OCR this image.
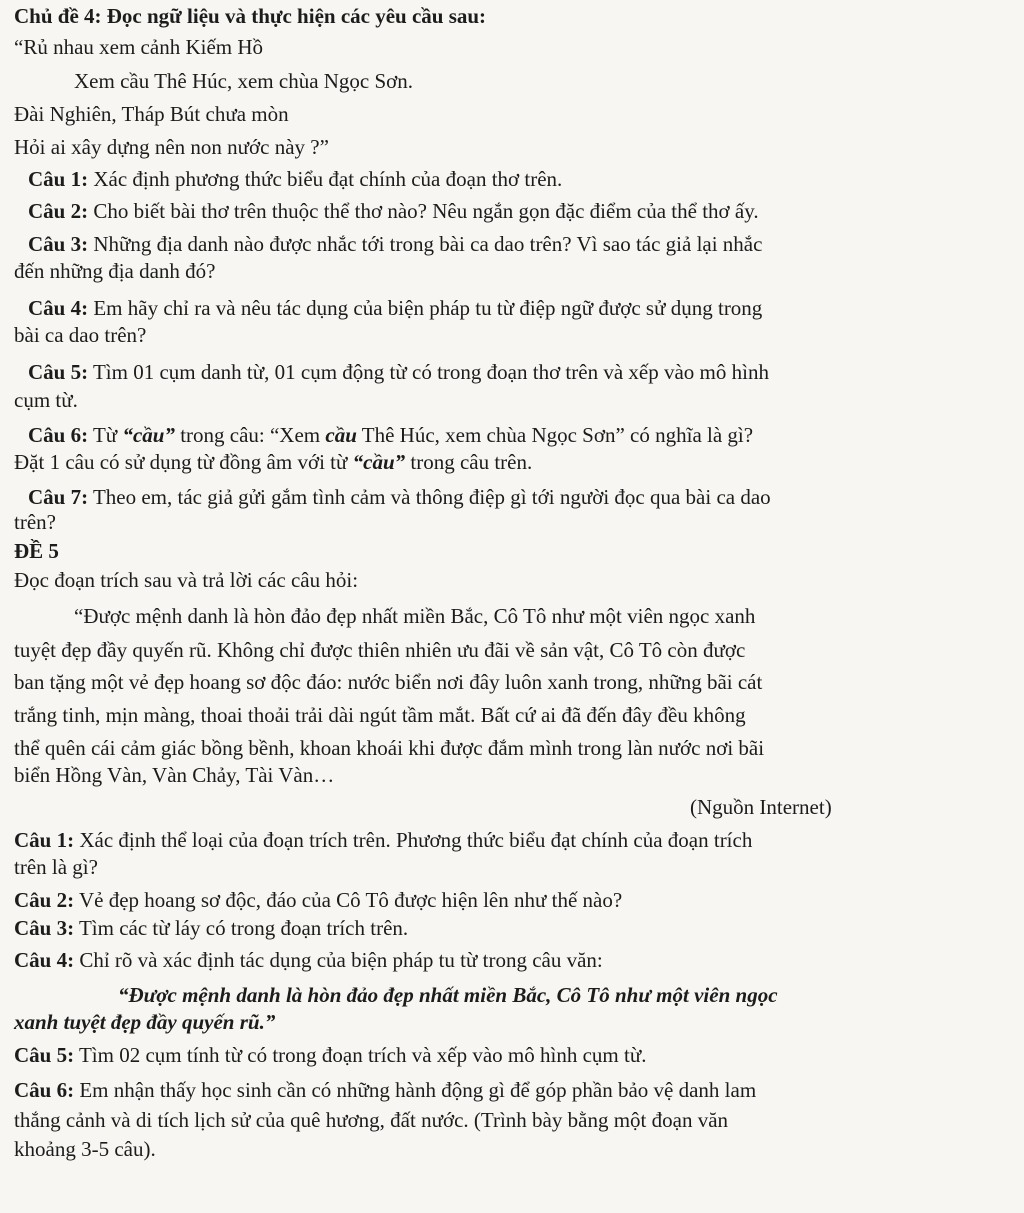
Chủ đề 4: Đọc ngữ liệu và thực hiện các yêu cầu sau:
“Rủ nhau xem cảnh Kiếm Hồ
Xem cầu Thê Húc, xem chùa Ngọc Sơn.
Đài Nghiên, Tháp Bút chưa mòn
Hỏi ai xây dựng nên non nước này ?”
Câu 1: Xác định phương thức biểu đạt chính của đoạn thơ trên.
Câu 2: Cho biết bài thơ trên thuộc thể thơ nào? Nêu ngắn gọn đặc điểm của thể thơ ấy.
Câu 3: Những địa danh nào được nhắc tới trong bài ca dao trên? Vì sao tác giả lại nhắc
đến những địa danh đó?
Câu 4: Em hãy chỉ ra và nêu tác dụng của biện pháp tu từ điệp ngữ được sử dụng trong
bài ca dao trên?
Câu 5: Tìm 01 cụm danh từ, 01 cụm động từ có trong đoạn thơ trên và xếp vào mô hình
cụm từ.
Câu 6: Từ “cầu” trong câu: “Xem cầu Thê Húc, xem chùa Ngọc Sơn” có nghĩa là gì?
Đặt 1 câu có sử dụng từ đồng âm với từ “cầu” trong câu trên.
Câu 7: Theo em, tác giả gửi gắm tình cảm và thông điệp gì tới người đọc qua bài ca dao
trên?
ĐỀ 5
Đọc đoạn trích sau và trả lời các câu hỏi:
“Được mệnh danh là hòn đảo đẹp nhất miền Bắc, Cô Tô như một viên ngọc xanh
tuyệt đẹp đầy quyến rũ. Không chỉ được thiên nhiên ưu đãi về sản vật, Cô Tô còn được
ban tặng một vẻ đẹp hoang sơ độc đáo: nước biển nơi đây luôn xanh trong, những bãi cát
trắng tinh, mịn màng, thoai thoải trải dài ngút tầm mắt. Bất cứ ai đã đến đây đều không
thể quên cái cảm giác bồng bềnh, khoan khoái khi được đắm mình trong làn nước nơi bãi
biển Hồng Vàn, Vàn Chảy, Tài Vàn…
(Nguồn Internet)
Câu 1: Xác định thể loại của đoạn trích trên. Phương thức biểu đạt chính của đoạn trích
trên là gì?
Câu 2: Vẻ đẹp hoang sơ độc, đáo của Cô Tô được hiện lên như thế nào?
Câu 3: Tìm các từ láy có trong đoạn trích trên.
Câu 4: Chỉ rõ và xác định tác dụng của biện pháp tu từ trong câu văn:
“Được mệnh danh là hòn đảo đẹp nhất miền Bắc, Cô Tô như một viên ngọc
xanh tuyệt đẹp đầy quyến rũ.”
Câu 5: Tìm 02 cụm tính từ có trong đoạn trích và xếp vào mô hình cụm từ.
Câu 6: Em nhận thấy học sinh cần có những hành động gì để góp phần bảo vệ danh lam
thắng cảnh và di tích lịch sử của quê hương, đất nước. (Trình bày bằng một đoạn văn
khoảng 3-5 câu).
